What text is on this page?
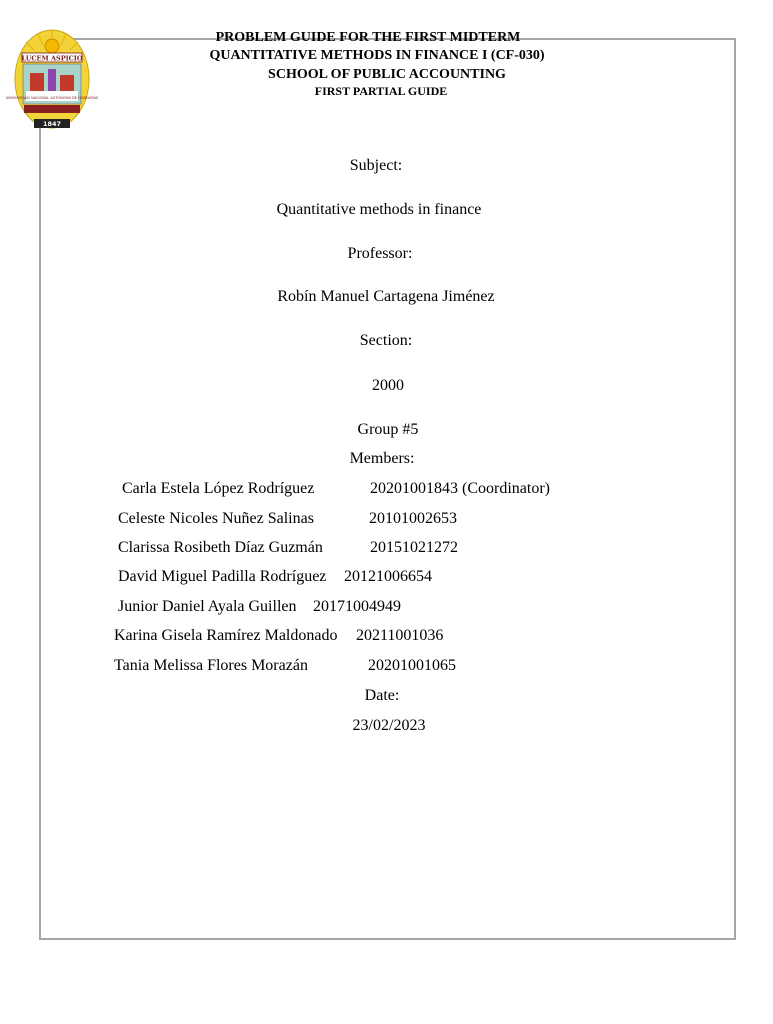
LUCEM ASPICIO
UNIVERSIDAD NACIONAL AUTONOMA DE HONDURAS
1847
PROBLEM GUIDE FOR THE FIRST MIDTERM
QUANTITATIVE METHODS IN FINANCE I (CF-030)
SCHOOL OF PUBLIC ACCOUNTING
FIRST PARTIAL GUIDE
Subject:
Quantitative methods in finance
Professor:
Robín Manuel Cartagena Jiménez
Section:
2000
Group #5
Members:
Carla Estela López Rodríguez	20201001843 (Coordinator)
Celeste Nicoles Nuñez Salinas	20101002653
Clarissa Rosibeth Díaz Guzmán	20151021272
David Miguel Padilla Rodríguez 20121006654
Junior Daniel Ayala Guillen 20171004949
Karina Gisela Ramírez Maldonado 20211001036
Tania Melissa Flores Morazán	20201001065
Date:
23/02/2023
